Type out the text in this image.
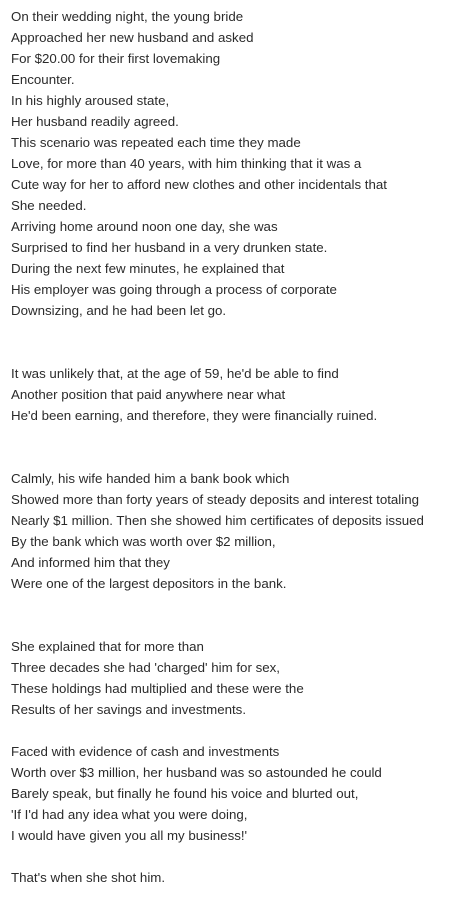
On their wedding night, the young bride
Approached her new husband and asked
For $20.00 for their first lovemaking
Encounter.
In his highly aroused state,
Her husband readily agreed.
This scenario was repeated each time they made
Love, for more than 40 years, with him thinking that it was a
Cute way for her to afford new clothes and other incidentals that
She needed.
Arriving home around noon one day, she was
Surprised to find her husband in a very drunken state.
During the next few minutes, he explained that
His employer was going through a process of corporate
Downsizing, and he had been let go.
It was unlikely that, at the age of 59, he'd be able to find
Another position that paid anywhere near what
He'd been earning, and therefore, they were financially ruined.
Calmly, his wife handed him a bank book which
Showed more than forty years of steady deposits and interest totaling
Nearly $1 million. Then she showed him certificates of deposits issued
By the bank which was worth over $2 million,
And informed him that they
Were one of the largest depositors in the bank.
She explained that for more than
Three decades she had 'charged' him for sex,
These holdings had multiplied and these were the
Results of her savings and investments.
Faced with evidence of cash and investments
Worth over $3 million, her husband was so astounded he could
Barely speak, but finally he found his voice and blurted out,
'If I'd had any idea what you were doing,
I would have given you all my business!'
That's when she shot him.
